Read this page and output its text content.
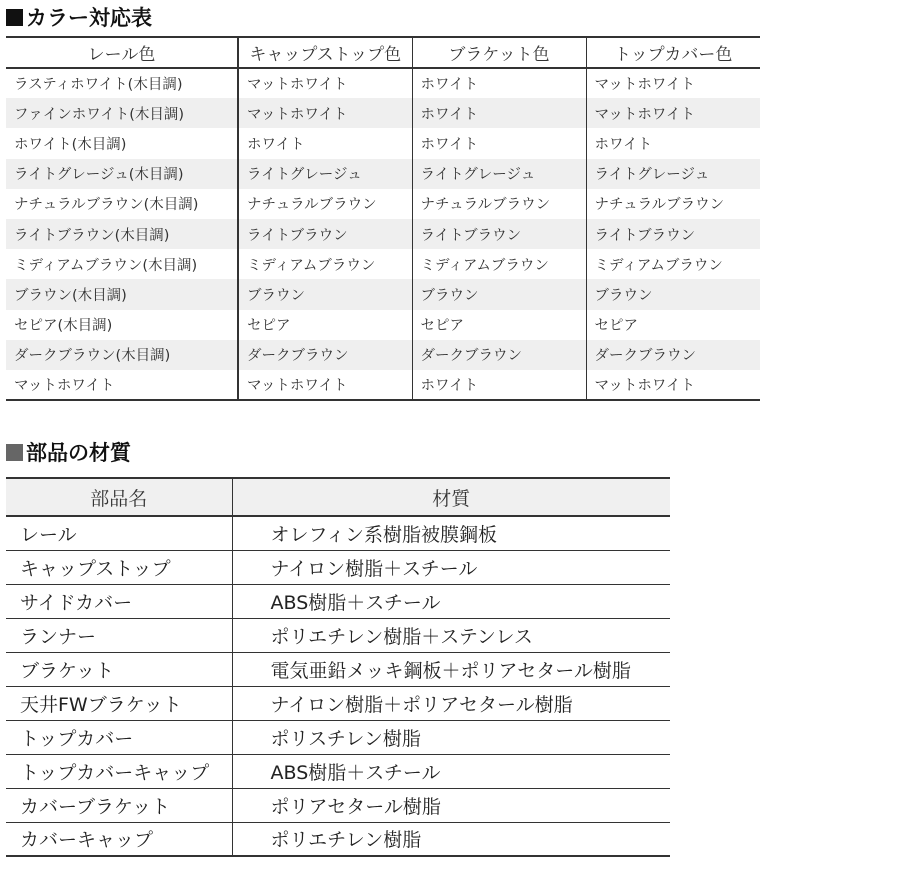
カラー対応表
レール色	キャップストップ色	ブラケット色	トップカバー色
ラスティホワイト(木目調)	マットホワイト	ホワイト	マットホワイト
ファインホワイト(木目調)	マットホワイト	ホワイト	マットホワイト
ホワイト(木目調)	ホワイト	ホワイト	ホワイト
ライトグレージュ(木目調)	ライトグレージュ	ライトグレージュ	ライトグレージュ
ナチュラルブラウン(木目調)	ナチュラルブラウン	ナチュラルブラウン	ナチュラルブラウン
ライトブラウン(木目調)	ライトブラウン	ライトブラウン	ライトブラウン
ミディアムブラウン(木目調)	ミディアムブラウン	ミディアムブラウン	ミディアムブラウン
ブラウン(木目調)	ブラウン	ブラウン	ブラウン
セピア(木目調)	セピア	セピア	セピア
ダークブラウン(木目調)	ダークブラウン	ダークブラウン	ダークブラウン
マットホワイト	マットホワイト	ホワイト	マットホワイト
部品の材質
部品名	材質
レール	オレフィン系樹脂被膜鋼板
キャップストップ	ナイロン樹脂＋スチール
サイドカバー	ABS樹脂＋スチール
ランナー	ポリエチレン樹脂＋ステンレス
ブラケット	電気亜鉛メッキ鋼板＋ポリアセタール樹脂
天井FWブラケット	ナイロン樹脂＋ポリアセタール樹脂
トップカバー	ポリスチレン樹脂
トップカバーキャップ	ABS樹脂＋スチール
カバーブラケット	ポリアセタール樹脂
カバーキャップ	ポリエチレン樹脂
